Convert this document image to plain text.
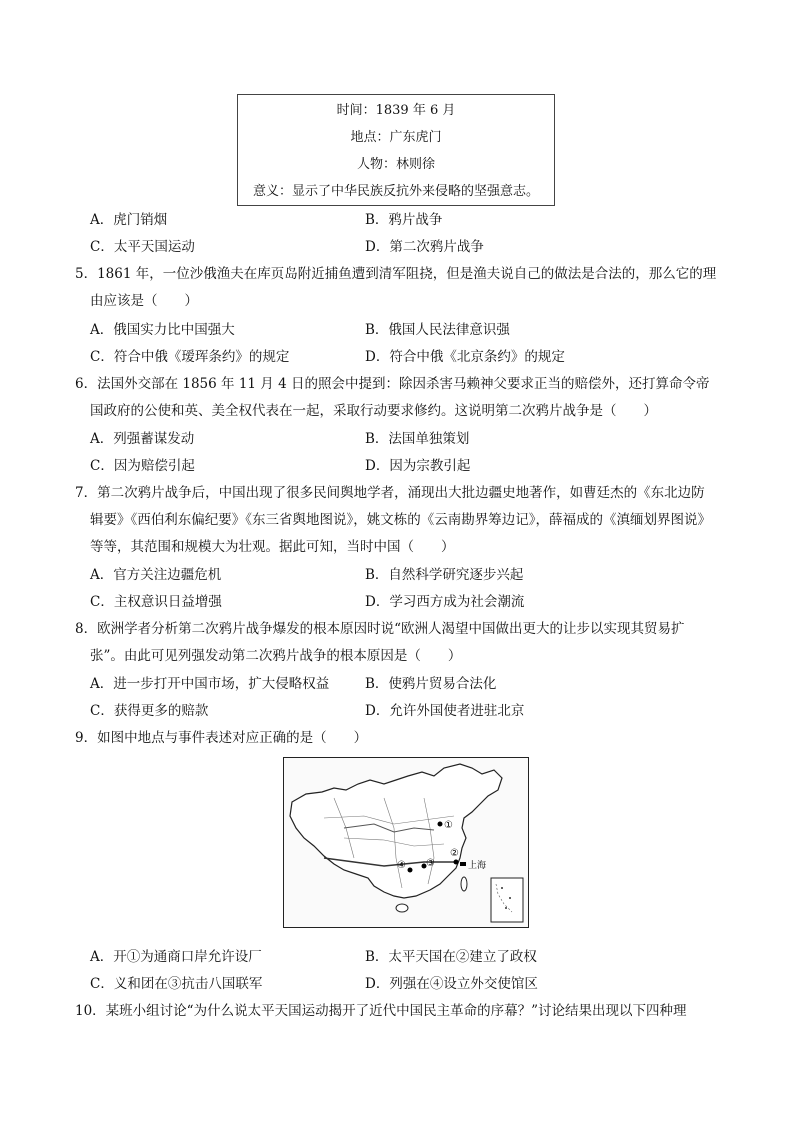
时间：1839 年 6 月
地点：广东虎门
人物：林则徐
意义：显示了中华民族反抗外来侵略的坚强意志。
A．虎门销烟	B．鸦片战争
C．太平天国运动	D．第二次鸦片战争
5．1861 年，一位沙俄渔夫在库页岛附近捕鱼遭到清军阻挠，但是渔夫说自己的做法是合法的，那么它的理
由应该是（　　）
A．俄国实力比中国强大	B．俄国人民法律意识强
C．符合中俄《瑷珲条约》的规定	D．符合中俄《北京条约》的规定
6．法国外交部在 1856 年 11 月 4 日的照会中提到：除因杀害马赖神父要求正当的赔偿外，还打算命令帝
国政府的公使和英、美全权代表在一起，采取行动要求修约。这说明第二次鸦片战争是（　　）
A．列强蓄谋发动	B．法国单独策划
C．因为赔偿引起	D．因为宗教引起
7．第二次鸦片战争后，中国出现了很多民间舆地学者，涌现出大批边疆史地著作，如曹廷杰的《东北边防
辑要》《西伯利东偏纪要》《东三省舆地图说》，姚文栋的《云南勘界筹边记》，薛福成的《滇缅划界图说》
等等，其范围和规模大为壮观。据此可知，当时中国（　　）
A．官方关注边疆危机	B．自然科学研究逐步兴起
C．主权意识日益增强	D．学习西方成为社会潮流
8．欧洲学者分析第二次鸦片战争爆发的根本原因时说“欧洲人渴望中国做出更大的让步以实现其贸易扩
张”。由此可见列强发动第二次鸦片战争的根本原因是（　　）
A．进一步打开中国市场，扩大侵略权益	B．使鸦片贸易合法化
C．获得更多的赔款	D．允许外国使者进驻北京
9．如图中地点与事件表述对应正确的是（　　）
①
②
③
④	上海
A．开①为通商口岸允许设厂	B．太平天国在②建立了政权
C．义和团在③抗击八国联军	D．列强在④设立外交使馆区
10．某班小组讨论“为什么说太平天国运动揭开了近代中国民主革命的序幕？”讨论结果出现以下四种理
